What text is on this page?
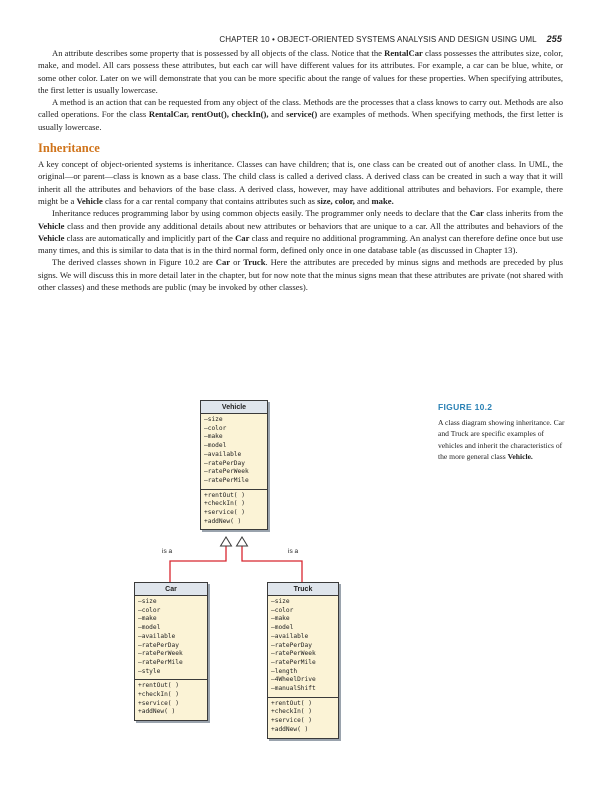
CHAPTER 10 • OBJECT-ORIENTED SYSTEMS ANALYSIS AND DESIGN USING UML 255

An attribute describes some property that is possessed by all objects of the class. Notice that the RentalCar class possesses the attributes size, color, make, and model. All cars possess these attributes, but each car will have different values for its attributes. For example, a car can be blue, white, or some other color. Later on we will demonstrate that you can be more specific about the range of values for these properties. When specifying attributes, the first letter is usually lowercase.

A method is an action that can be requested from any object of the class. Methods are the processes that a class knows to carry out. Methods are also called operations. For the class RentalCar, rentOut(), checkIn(), and service() are examples of methods. When specifying methods, the first letter is usually lowercase.

Inheritance

A key concept of object-oriented systems is inheritance. Classes can have children; that is, one class can be created out of another class. In UML, the original—or parent—class is known as a base class. The child class is called a derived class. A derived class can be created in such a way that it will inherit all the attributes and behaviors of the base class. A derived class, however, may have additional attributes and behaviors. For example, there might be a Vehicle class for a car rental company that contains attributes such as size, color, and make.

Inheritance reduces programming labor by using common objects easily. The programmer only needs to declare that the Car class inherits from the Vehicle class and then provide any additional details about new attributes or behaviors that are unique to a car. All the attributes and behaviors of the Vehicle class are automatically and implicitly part of the Car class and require no additional programming. An analyst can therefore define once but use many times, and this is similar to data that is in the third normal form, defined only once in one database table (as discussed in Chapter 13).

The derived classes shown in Figure 10.2 are Car or Truck. Here the attributes are preceded by minus signs and methods are preceded by plus signs. We will discuss this in more detail later in the chapter, but for now note that the minus signs mean that these attributes are private (not shared with other classes) and these methods are public (may be invoked by other classes).

FIGURE 10.2
A class diagram showing inheritance. Car and Truck are specific examples of vehicles and inherit the characteristics of the more general class Vehicle.
is a	is a
Vehicle
–size
–color
–make
–model
–available
–ratePerDay
–ratePerWeek
–ratePerMile
+rentOut( )
+checkIn( )
+service( )
+addNew( )
Car
–size
–color
–make
–model
–available
–ratePerDay
–ratePerWeek
–ratePerMile
–style
+rentOut( )
+checkIn( )
+service( )
+addNew( )
Truck
–size
–color
–make
–model
–available
–ratePerDay
–ratePerWeek
–ratePerMile
–length
–4WheelDrive
–manualShift
+rentOut( )
+checkIn( )
+service( )
+addNew( )
